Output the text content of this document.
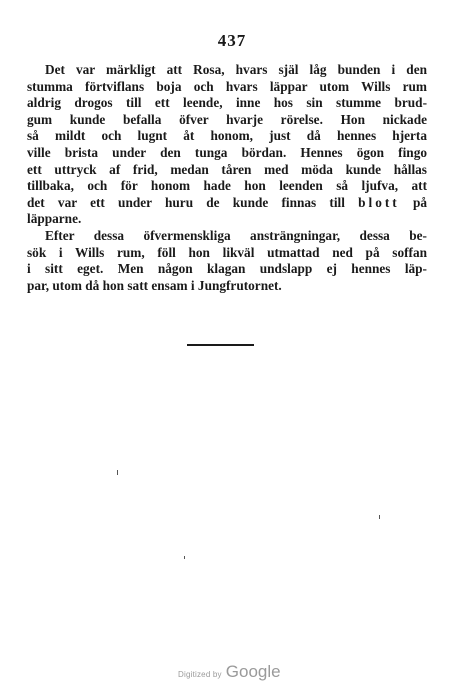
437
Det var märkligt att Rosa, hvars själ låg bunden i den
stumma förtviflans boja och hvars läppar utom Wills rum
aldrig drogos till ett leende, inne hos sin stumme brud-
gum kunde befalla öfver hvarje rörelse. Hon nickade
så mildt och lugnt åt honom, just då hennes hjerta
ville brista under den tunga bördan. Hennes ögon fingo
ett uttryck af frid, medan tåren med möda kunde hållas
tillbaka, och för honom hade hon leenden så ljufva, att
det var ett under huru de kunde finnas till blott på
läpparne.
Efter dessa öfvermenskliga ansträngningar, dessa be-
sök i Wills rum, föll hon likväl utmattad ned på soffan
i sitt eget. Men någon klagan undslapp ej hennes läp-
par, utom då hon satt ensam i Jungfrutornet.
Digitized by Google
